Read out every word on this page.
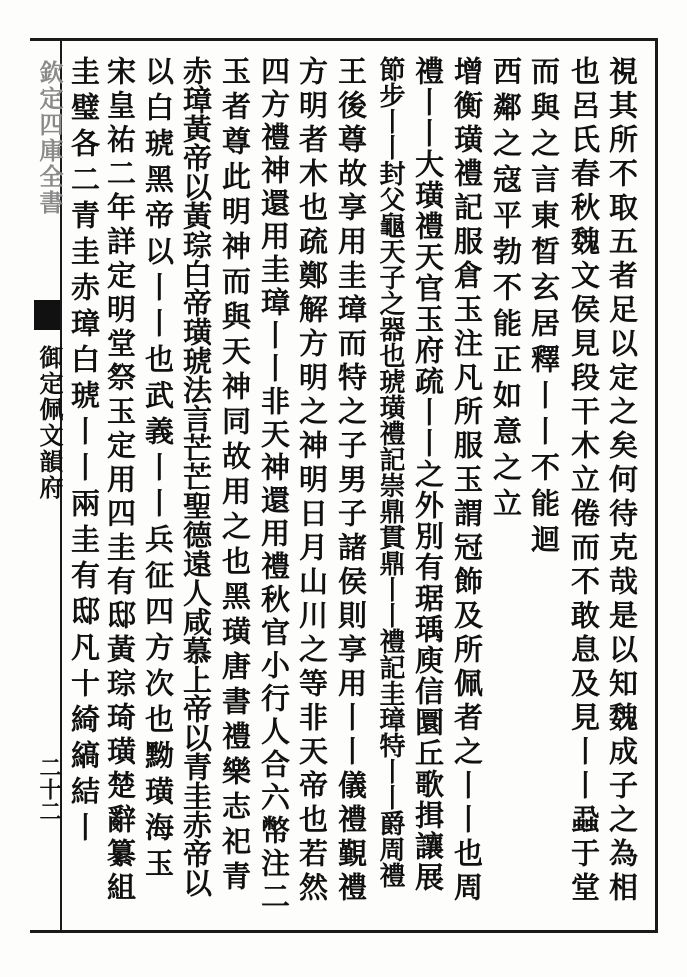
欽定四庫全書
御定佩文韻府
二十二	視其所不取五者足以定之矣何待克哉是以知魏成子之為相
也呂氏春秋魏文侯見段干木立倦而不敢息及見丨丨蝨于堂
而與之言東晳玄居釋丨丨不能迴
西鄰之寇平勃不能正如意之立
增衡璜禮記服倉玉注凡所服玉謂冠飾及所佩者之丨丨也周
禮丨丨大璜禮天官玉府疏丨丨之外別有琚瑀庾信圜丘歌揖讓展
節步丨丨封父龜天子之器也琥璜禮記崇鼎貫鼎丨丨禮記圭璋特丨丨爵周禮
王後尊故享用圭璋而特之子男子諸侯則享用丨丨儀禮覲禮
方明者木也疏鄭解方明之神明日月山川之等非天帝也若然
四方禮神還用圭璋丨丨非天神還用禮秋官小行人合六幣注二
玉者尊此明神而與天神同故用之也黑璜唐書禮樂志祀青
赤璋黃帝以黃琮白帝璜琥法言芒芒聖德遠人咸慕上帝以青圭赤帝以
以白琥黑帝以丨丨也武義丨丨兵征四方次也黝璜海玉
宋皇祐二年詳定明堂祭玉定用四圭有邸黃琮琦璜楚辭纂組
圭璧各二青圭赤璋白琥丨丨兩圭有邸凡十綺縞結丨
